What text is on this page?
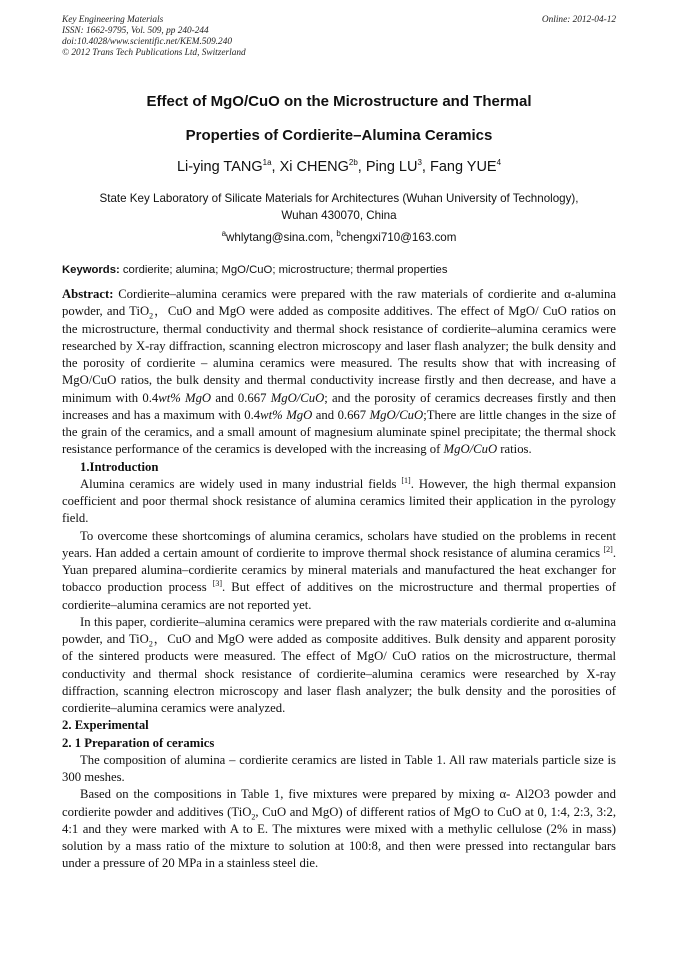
Key Engineering Materials
ISSN: 1662-9795, Vol. 509, pp 240-244
doi:10.4028/www.scientific.net/KEM.509.240
© 2012 Trans Tech Publications Ltd, Switzerland
Online: 2012-04-12
Effect of MgO/CuO on the Microstructure and Thermal
Properties of Cordierite–Alumina Ceramics
Li-ying $TANG^{1a}$, Xi $CHENG^{2b}$, Ping $LU^3$, Fang YUE$^4$
State Key Laboratory of Silicate Materials for Architectures (Wuhan University of Technology),
Wuhan 430070, China
$^a$whlytang@sina.com, $^b$chengxi710@163.com
Keywords: cordierite; alumina; MgO/CuO; microstructure; thermal properties

Abstract: Cordierite–alumina ceramics were prepared with the raw materials of cordierite and α-alumina powder, and TiO$_2$，CuO and MgO were added as composite additives. The effect of MgO/ CuO ratios on the microstructure, thermal conductivity and thermal shock resistance of cordierite–alumina ceramics were researched by X-ray diffraction, scanning electron microscopy and laser flash analyzer; the bulk density and the porosity of cordierite – alumina ceramics were measured. The results show that with increasing of MgO/CuO ratios, the bulk density and thermal conductivity increase firstly and then decrease, and have a minimum with 0.4wt% MgO and 0.667 MgO/CuO; and the porosity of ceramics decreases firstly and then increases and has a maximum with 0.4wt% MgO and 0.667 MgO/CuO;There are little changes in the size of the grain of the ceramics, and a small amount of magnesium aluminate spinel precipitate; the thermal shock resistance performance of the ceramics is developed with the increasing of MgO/CuO ratios.

1.Introduction

Alumina ceramics are widely used in many industrial fields [1]. However, the high thermal expansion coefficient and poor thermal shock resistance of alumina ceramics limited their application in the pyrology field.

To overcome these shortcomings of alumina ceramics, scholars have studied on the problems in recent years. Han added a certain amount of cordierite to improve thermal shock resistance of alumina ceramics [2]. Yuan prepared alumina–cordierite ceramics by mineral materials and manufactured the heat exchanger for tobacco production process [3]. But effect of additives on the microstructure and thermal properties of cordierite–alumina ceramics are not reported yet.

In this paper, cordierite–alumina ceramics were prepared with the raw materials cordierite and α-alumina powder, and TiO$_2$，CuO and MgO were added as composite additives. Bulk density and apparent porosity of the sintered products were measured. The effect of MgO/ CuO ratios on the microstructure, thermal conductivity and thermal shock resistance of cordierite–alumina ceramics were researched by X-ray diffraction, scanning electron microscopy and laser flash analyzer; the bulk density and the porosities of cordierite–alumina ceramics were analyzed.

2. Experimental

2. 1 Preparation of ceramics

The composition of alumina – cordierite ceramics are listed in Table 1. All raw materials particle size is 300 meshes.

Based on the compositions in Table 1, five mixtures were prepared by mixing α- Al2O3 powder and cordierite powder and additives (TiO$_2$, CuO and MgO) of different ratios of MgO to CuO at 0, 1:4, 2:3, 3:2, 4:1 and they were marked with A to E. The mixtures were mixed with a methylic cellulose (2% in mass) solution by a mass ratio of the mixture to solution at 100:8, and then were pressed into rectangular bars under a pressure of 20 MPa in a stainless steel die.
